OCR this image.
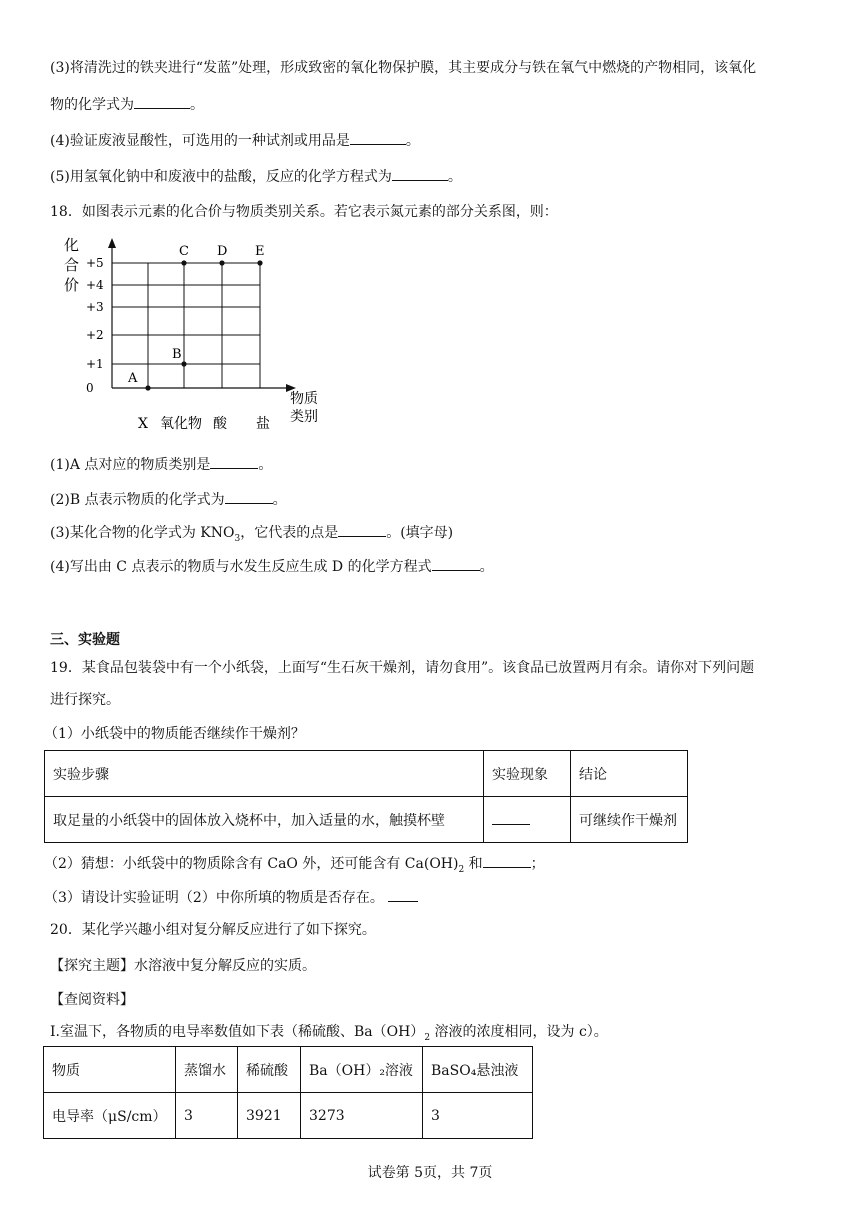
(3)将清洗过的铁夹进行“发蓝”处理，形成致密的氧化物保护膜，其主要成分与铁在氧气中燃烧的产物相同，该氧化
物的化学式为	。
(4)验证废液显酸性，可选用的一种试剂或用品是	。
(5)用氢氧化钠中和废液中的盐酸，反应的化学方程式为	。
18．如图表示元素的化合价与物质类别关系。若它表示氮元素的部分关系图，则：
化
合
价
物质
类别
+5
+4
+3
+2
+1
0
X 氧化物 酸 盐
A
B
C D E
(1)A 点对应的物质类别是	。
(2)B 点表示物质的化学式为	。
(3)某化合物的化学式为 $KNO_3$，它代表的点是	。(填字母)
(4)写出由 C 点表示的物质与水发生反应生成 D 的化学方程式	。
三、实验题
19．某食品包装袋中有一个小纸袋，上面写“生石灰干燥剂，请勿食用”。该食品已放置两月有余。请你对下列问题
进行探究。
（1）小纸袋中的物质能否继续作干燥剂？
实验步骤	实验现象	结论
取足量的小纸袋中的固体放入烧杯中，加入适量的水，触摸杯壁		可继续作干燥剂
（2）猜想：小纸袋中的物质除含有 CaO 外，还可能含有 $Ca(OH)_2$ 和	；
（3）请设计实验证明（2）中你所填的物质是否存在。
20．某化学兴趣小组对复分解反应进行了如下探究。
【探究主题】水溶液中复分解反应的实质。
【查阅资料】
I.室温下，各物质的电导率数值如下表（稀硫酸、$Ba(OH)_2$ 溶液的浓度相同，设为 c）。
物质	蒸馏水	稀硫酸	Ba（OH）₂溶液	BaSO₄悬浊液
电导率（μS/cm）	3	3921	3273	3
试卷第 5页，共 7页
